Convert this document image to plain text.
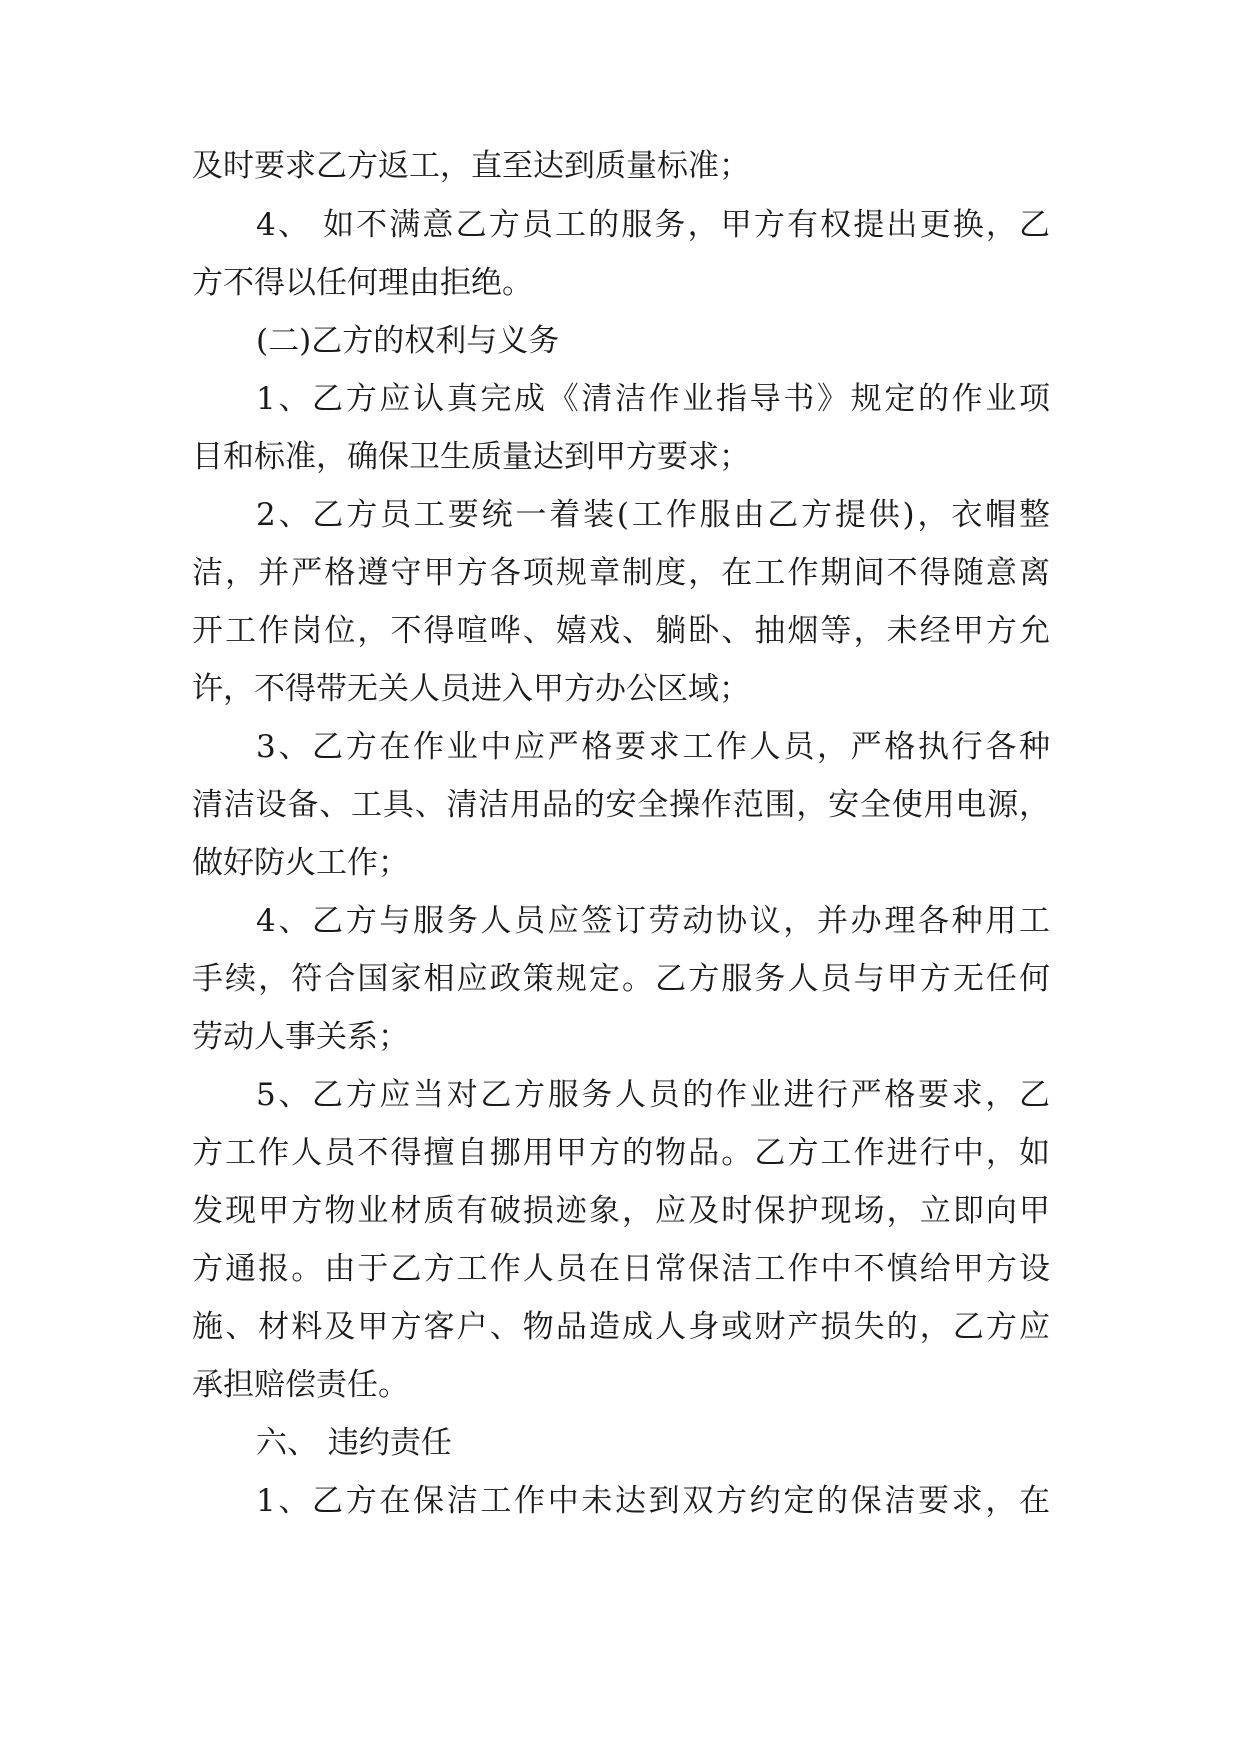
及时要求乙方返工，直至达到质量标准；
4、 如不满意乙方员工的服务，甲方有权提出更换，乙
方不得以任何理由拒绝。
(二)乙方的权利与义务
1、乙方应认真完成《清洁作业指导书》规定的作业项
目和标准，确保卫生质量达到甲方要求；
2、乙方员工要统一着装(工作服由乙方提供)，衣帽整
洁，并严格遵守甲方各项规章制度，在工作期间不得随意离
开工作岗位，不得喧哗、嬉戏、躺卧、抽烟等，未经甲方允
许，不得带无关人员进入甲方办公区域；
3、乙方在作业中应严格要求工作人员，严格执行各种
清洁设备、工具、清洁用品的安全操作范围，安全使用电源，
做好防火工作；
4、乙方与服务人员应签订劳动协议，并办理各种用工
手续，符合国家相应政策规定。乙方服务人员与甲方无任何
劳动人事关系；
5、乙方应当对乙方服务人员的作业进行严格要求，乙
方工作人员不得擅自挪用甲方的物品。乙方工作进行中，如
发现甲方物业材质有破损迹象，应及时保护现场，立即向甲
方通报。由于乙方工作人员在日常保洁工作中不慎给甲方设
施、材料及甲方客户、物品造成人身或财产损失的，乙方应
承担赔偿责任。
六、 违约责任
1、乙方在保洁工作中未达到双方约定的保洁要求，在
